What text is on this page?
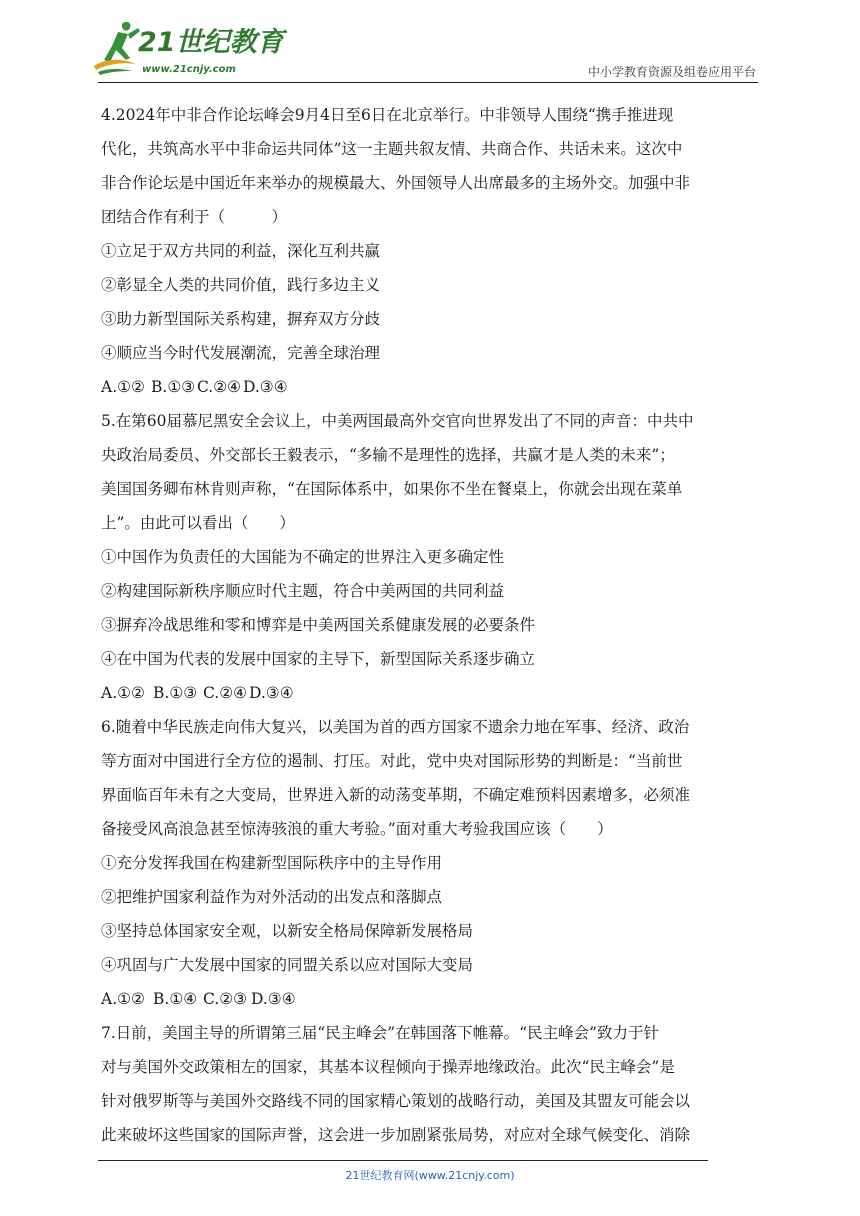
21世纪教育
www.21cnjy.com	中小学教育资源及组卷应用平台
4.2024年中非合作论坛峰会9月4日至6日在北京举行。中非领导人围绕“携手推进现
代化，共筑高水平中非命运共同体”这一主题共叙友情、共商合作、共话未来。这次中
非合作论坛是中国近年来举办的规模最大、外国领导人出席最多的主场外交。加强中非
团结合作有利于（　　　）
①立足于双方共同的利益，深化互利共赢
②彰显全人类的共同价值，践行多边主义
③助力新型国际关系构建，摒弃双方分歧
④顺应当今时代发展潮流，完善全球治理
A.①② B.①③ C.②④ D.③④
5.在第60届慕尼黑安全会议上，中美两国最高外交官向世界发出了不同的声音：中共中
央政治局委员、外交部长王毅表示，“多输不是理性的选择，共赢才是人类的未来”；
美国国务卿布林肯则声称，“在国际体系中，如果你不坐在餐桌上，你就会出现在菜单
上”。由此可以看出（　　）
①中国作为负责任的大国能为不确定的世界注入更多确定性
②构建国际新秩序顺应时代主题，符合中美两国的共同利益
③摒弃冷战思维和零和博弈是中美两国关系健康发展的必要条件
④在中国为代表的发展中国家的主导下，新型国际关系逐步确立
A.①② B.①③ C.②④ D.③④
6.随着中华民族走向伟大复兴，以美国为首的西方国家不遗余力地在军事、经济、政治
等方面对中国进行全方位的遏制、打压。对此，党中央对国际形势的判断是：“当前世
界面临百年未有之大变局，世界进入新的动荡变革期，不确定难预料因素增多，必须准
备接受风高浪急甚至惊涛骇浪的重大考验。”面对重大考验我国应该（　　）
①充分发挥我国在构建新型国际秩序中的主导作用
②把维护国家利益作为对外活动的出发点和落脚点
③坚持总体国家安全观，以新安全格局保障新发展格局
④巩固与广大发展中国家的同盟关系以应对国际大变局
A.①② B.①④ C.②③ D.③④
7.日前，美国主导的所谓第三届“民主峰会”在韩国落下帷幕。“民主峰会”致力于针
对与美国外交政策相左的国家，其基本议程倾向于操弄地缘政治。此次“民主峰会”是
针对俄罗斯等与美国外交路线不同的国家精心策划的战略行动，美国及其盟友可能会以
此来破坏这些国家的国际声誉，这会进一步加剧紧张局势，对应对全球气候变化、消除
21世纪教育网(www.21cnjy.com)
